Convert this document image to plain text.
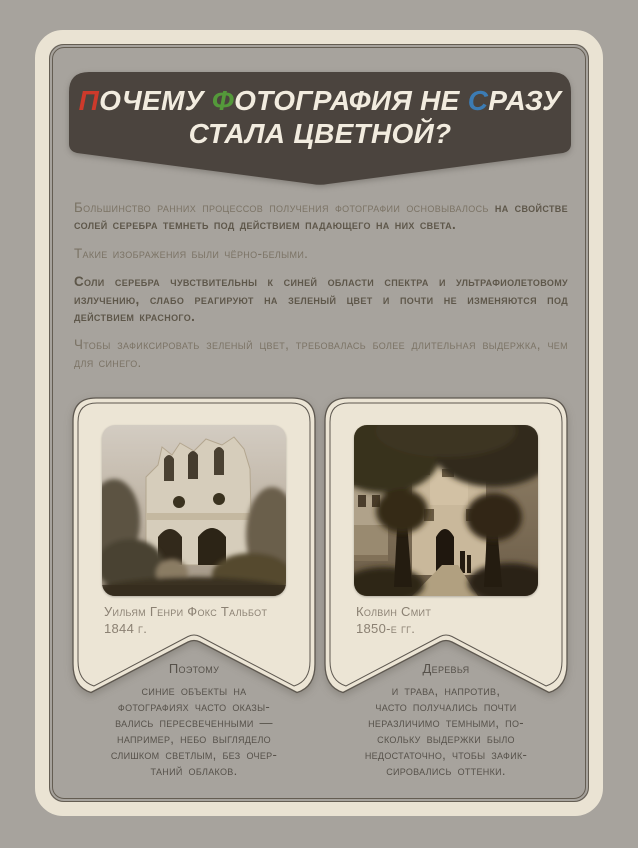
ПОЧЕМУ ФОТОГРАФИЯ НЕ СРАЗУ
СТАЛА ЦВЕТНОЙ?

Большинство ранних процессов получения фотографии основывалось на свойстве солей серебра темнеть под действием падающего на них света.

Такие изображения были чёрно-белыми.

Соли серебра чувствительны к синей области спектра и ультрафиолетовому излучению, слабо реагируют на зеленый цвет и почти не изменяются под действием красного.

Чтобы зафиксировать зеленый цвет, требовалась более длительная выдержка, чем для синего.

Уильям Генри Фокс Тальбот
1844 г.
Колвин Смит
1850-е гг.
Поэтому
синие объекты на
фотографиях часто оказы-
вались пересвеченными —
например, небо выглядело
слишком светлым, без очер-
таний облаков.
Деревья
и трава, напротив,
часто получались почти
неразличимо темными, по-
скольку выдержки было
недостаточно, чтобы зафик-
сировались оттенки.
